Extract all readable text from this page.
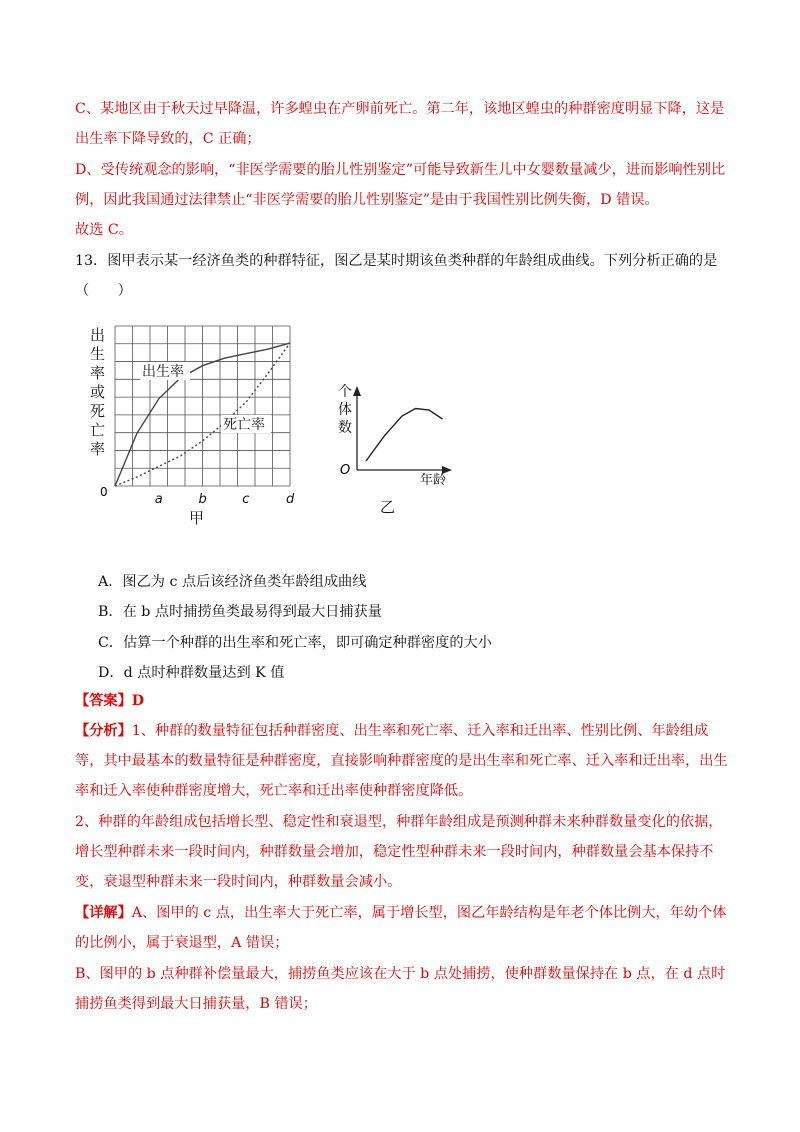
C、某地区由于秋天过早降温，许多蝗虫在产卵前死亡。第二年，该地区蝗虫的种群密度明显下降，这是出生率下降导致的，C 正确；

D、受传统观念的影响，“非医学需要的胎儿性别鉴定”可能导致新生儿中女婴数量减少，进而影响性别比例，因此我国通过法律禁止“非医学需要的胎儿性别鉴定”是由于我国性别比例失衡，D 错误。

故选 C。

13．图甲表示某一经济鱼类的种群特征，图乙是某时期该鱼类种群的年龄组成曲线。下列分析正确的是（　　）

出
生
率
或
死
亡
率
0	a	b	c	d
出生率
死亡率
甲
个
体
数
O
年龄
乙
A．图乙为 c 点后该经济鱼类年龄组成曲线
B．在 b 点时捕捞鱼类最易得到最大日捕获量
C．估算一个种群的出生率和死亡率，即可确定种群密度的大小
D．d 点时种群数量达到 K 值

【答案】D

【分析】1、种群的数量特征包括种群密度、出生率和死亡率、迁入率和迁出率、性别比例、年龄组成等，其中最基本的数量特征是种群密度，直接影响种群密度的是出生率和死亡率、迁入率和迁出率，出生率和迁入率使种群密度增大，死亡率和迁出率使种群密度降低。

2、种群的年龄组成包括增长型、稳定性和衰退型，种群年龄组成是预测种群未来种群数量变化的依据，增长型种群未来一段时间内，种群数量会增加，稳定性型种群未来一段时间内，种群数量会基本保持不变，衰退型种群未来一段时间内，种群数量会减小。

【详解】A、图甲的 c 点，出生率大于死亡率，属于增长型，图乙年龄结构是年老个体比例大，年幼个体的比例小，属于衰退型，A 错误；

B、图甲的 b 点种群补偿量最大，捕捞鱼类应该在大于 b 点处捕捞，使种群数量保持在 b 点，在 d 点时捕捞鱼类得到最大日捕获量，B 错误；
